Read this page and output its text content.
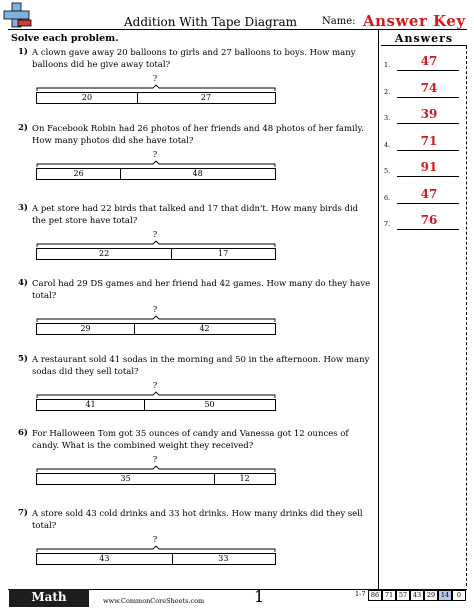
Addition With Tape Diagram Name: Answer Key
Solve each problem.	Answers
1.	47
2.	74
3.	39
4.	71
5.	91
6.	47
7.	76
1) A clown gave away 20 balloons to girls and 27 balloons to boys. How many balloons did he give away total?
?
20	27
2) On Facebook Robin had 26 photos of her friends and 48 photos of her family. How many photos did she have total?
?
26	48
3) A pet store had 22 birds that talked and 17 that didn't. How many birds did the pet store have total?
?
22	17
4) Carol had 29 DS games and her friend had 42 games. How many do they have total?
?
29	42
5) A restaurant sold 41 sodas in the morning and 50 in the afternoon. How many sodas did they sell total?
?
41	50
6) For Halloween Tom got 35 ounces of candy and Vanessa got 12 ounces of candy. What is the combined weight they received?
?
35	12
7) A store sold 43 cold drinks and 33 hot drinks. How many drinks did they sell total?
?
43	33
Math	www.CommonCoreSheets.com	1	1-7 86 71 57 43 29 14	0
